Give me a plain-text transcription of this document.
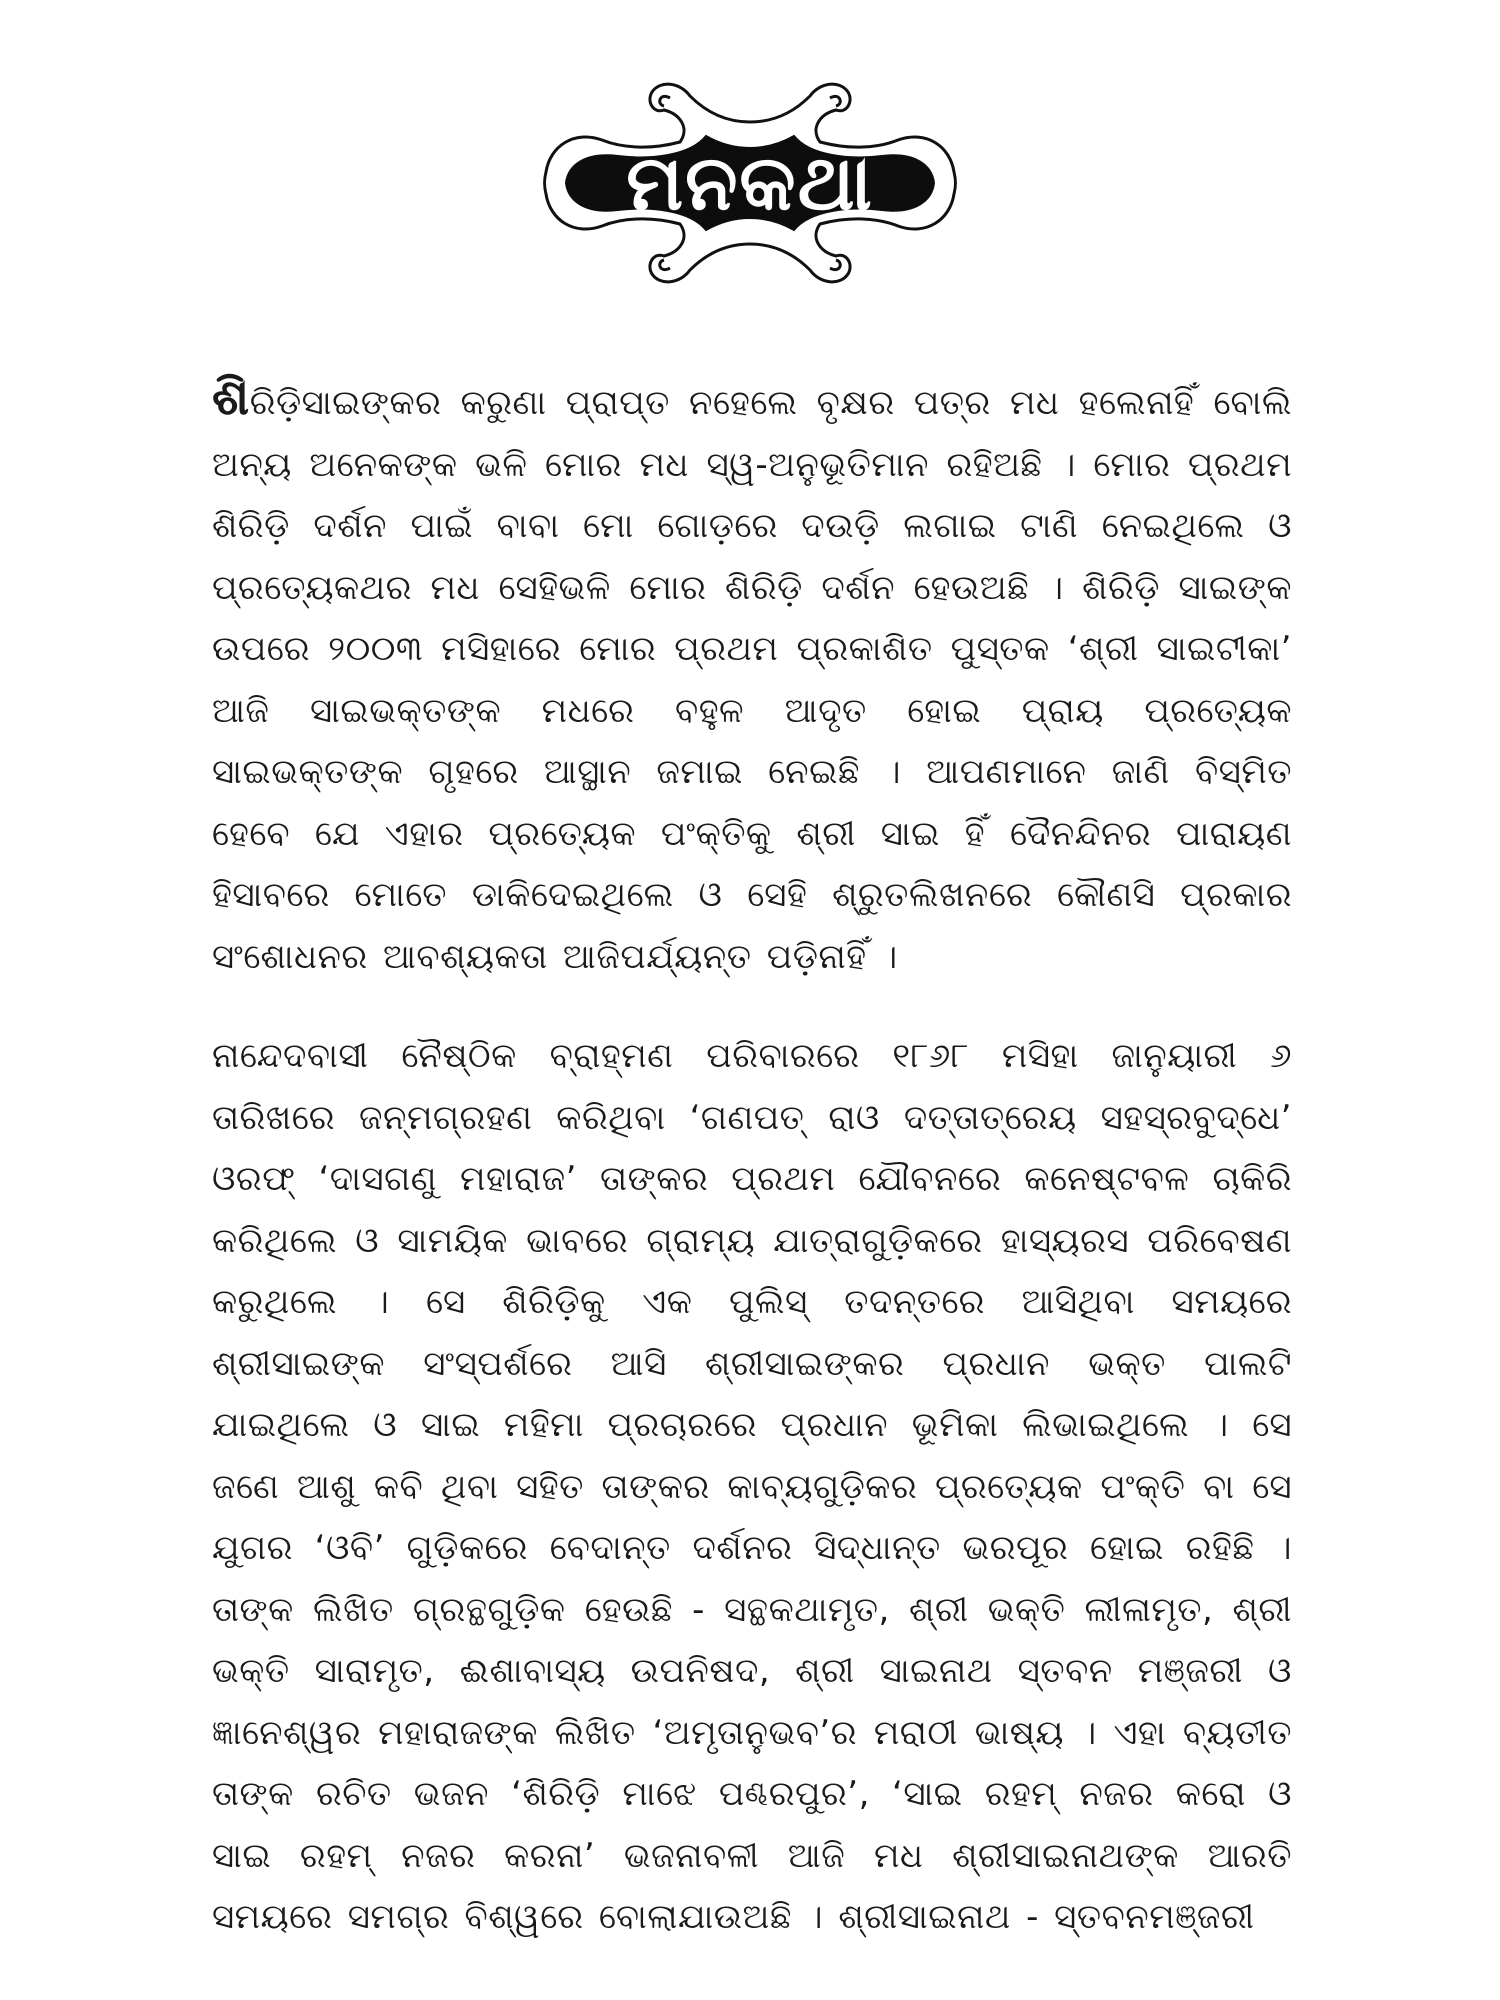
ମନକଥା

ଶିରିଡ଼ିସାଇଙ୍କର କରୁଣା ପ୍ରାପ୍ତ ନହେଲେ ବୃକ୍ଷର ପତ୍ର ମଧ ହଲେନାହିଁ ବୋଲି ଅନ୍ୟ ଅନେକଙ୍କ ଭଳି ମୋର ମଧ ସ୍ୱ-ଅନୁଭୂତିମାନ ରହିଅଛି । ମୋର ପ୍ରଥମ ଶିରିଡ଼ି ଦର୍ଶନ ପାଇଁ ବାବା ମୋ ଗୋଡ଼ରେ ଦଉଡ଼ି ଲଗାଇ ଟାଣି ନେଇଥିଲେ ଓ ପ୍ରତ୍ୟେକଥର ମଧ ସେହିଭଳି ମୋର ଶିରିଡ଼ି ଦର୍ଶନ ହେଉଅଛି । ଶିରିଡ଼ି ସାଇଙ୍କ ଉପରେ ୨୦୦୩ ମସିହାରେ ମୋର ପ୍ରଥମ ପ୍ରକାଶିତ ପୁସ୍ତକ ‘ଶ୍ରୀ ସାଇଟୀକା’ ଆଜି ସାଇଭକ୍ତଙ୍କ ମଧରେ ବହୁଳ ଆଦୃତ ହୋଇ ପ୍ରାୟ ପ୍ରତ୍ୟେକ ସାଇଭକ୍ତଙ୍କ ଗୃହରେ ଆସ୍ଥାନ ଜମାଇ ନେଇଛି । ଆପଣମାନେ ଜାଣି ବିସ୍ମିତ ହେବେ ଯେ ଏହାର ପ୍ରତ୍ୟେକ ପଂକ୍ତିକୁ ଶ୍ରୀ ସାଇ ହିଁ ଦୈନନ୍ଦିନର ପାରାୟଣ ହିସାବରେ ମୋତେ ଡାକିଦେଇଥିଲେ ଓ ସେହି ଶ୍ରୁତଲିଖନରେ କୌଣସି ପ୍ରକାର ସଂଶୋଧନର ଆବଶ୍ୟକତା ଆଜିପର୍ଯ୍ୟନ୍ତ ପଡ଼ିନାହିଁ ।

ନାନ୍ଦେଦବାସୀ ନୈଷ୍ଠିକ ବ୍ରାହ୍ମଣ ପରିବାରରେ ୧୮୬୮ ମସିହା ଜାନୁୟାରୀ ୬ ତାରିଖରେ ଜନ୍ମଗ୍ରହଣ କରିଥିବା ‘ଗଣପତ୍ ରାଓ ଦତ୍ତାତ୍ରେୟ ସହସ୍ରବୁଦ୍ଧେ’ ଓରଫ୍ ‘ଦାସଗଣୁ ମହାରାଜ’ ତାଙ୍କର ପ୍ରଥମ ଯୌବନରେ କନେଷ୍ଟବଳ ଚାକିରି କରିଥିଲେ ଓ ସାମୟିକ ଭାବରେ ଗ୍ରାମ୍ୟ ଯାତ୍ରାଗୁଡ଼ିକରେ ହାସ୍ୟରସ ପରିବେଷଣ କରୁଥିଲେ । ସେ ଶିରିଡ଼ିକୁ ଏକ ପୁଲିସ୍ ତଦନ୍ତରେ ଆସିଥିବା ସମୟରେ ଶ୍ରୀସାଇଙ୍କ ସଂସ୍ପର୍ଶରେ ଆସି ଶ୍ରୀସାଇଙ୍କର ପ୍ରଧାନ ଭକ୍ତ ପାଲଟି ଯାଇଥିଲେ ଓ ସାଇ ମହିମା ପ୍ରଚାରରେ ପ୍ରଧାନ ଭୂମିକା ଲିଭାଇଥିଲେ । ସେ ଜଣେ ଆଶୁ କବି ଥିବା ସହିତ ତାଙ୍କର କାବ୍ୟଗୁଡ଼ିକର ପ୍ରତ୍ୟେକ ପଂକ୍ତି ବା ସେ ଯୁଗର ‘ଓବି’ ଗୁଡ଼ିକରେ ବେଦାନ୍ତ ଦର୍ଶନର ସିଦ୍ଧାନ୍ତ ଭରପୂର ହୋଇ ରହିଛି । ତାଙ୍କ ଲିଖିତ ଗ୍ରନ୍ଥଗୁଡ଼ିକ ହେଉଛି - ସନ୍ଥକଥାମୃତ, ଶ୍ରୀ ଭକ୍ତି ଲୀଳାମୃତ, ଶ୍ରୀ ଭକ୍ତି ସାରାମୃତ, ଈଶାବାସ୍ୟ ଉପନିଷଦ, ଶ୍ରୀ ସାଇନାଥ ସ୍ତବନ ମଞ୍ଜରୀ ଓ ଜ୍ଞାନେଶ୍ୱର ମହାରାଜଙ୍କ ଲିଖିତ ‘ଅମୃତାନୁଭବ’ର ମରାଠୀ ଭାଷ୍ୟ । ଏହା ବ୍ୟତୀତ ତାଙ୍କ ରଚିତ ଭଜନ ‘ଶିରିଡ଼ି ମାଝେ ପଣ୍ଢରପୁର’, ‘ସାଇ ରହମ୍ ନଜର କରୋ ଓ ସାଇ ରହମ୍ ନଜର କରନା’ ଭଜନାବଳୀ ଆଜି ମଧ ଶ୍ରୀସାଇନାଥଙ୍କ ଆରତି ସମୟରେ ସମଗ୍ର ବିଶ୍ୱରେ ବୋଲାଯାଉଅଛି । ଶ୍ରୀସାଇନାଥ - ସ୍ତବନମଞ୍ଜରୀ
